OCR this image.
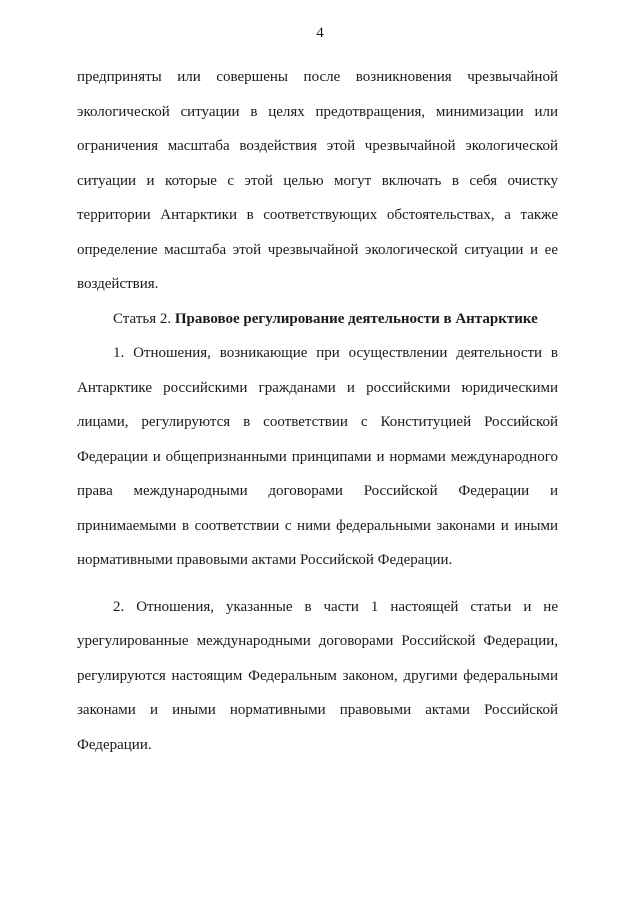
4
предприняты или совершены после возникновения чрезвычайной
экологической ситуации в целях предотвращения, минимизации или
ограничения масштаба воздействия этой чрезвычайной экологической
ситуации и которые с этой целью могут включать в себя очистку
территории Антарктики в соответствующих обстоятельствах, а также
определение масштаба этой чрезвычайной экологической ситуации и ее
воздействия.
Статья 2. Правовое регулирование деятельности в Антарктике
1. Отношения, возникающие при осуществлении деятельности в
Антарктике российскими гражданами и российскими юридическими
лицами, регулируются в соответствии с Конституцией Российской
Федерации и общепризнанными принципами и нормами международного
права международными договорами Российской Федерации и
принимаемыми в соответствии с ними федеральными законами и иными
нормативными правовыми актами Российской Федерации.
2. Отношения, указанные в части 1 настоящей статьи и не
урегулированные международными договорами Российской Федерации,
регулируются настоящим Федеральным законом, другими федеральными
законами и иными нормативными правовыми актами Российской
Федерации.
